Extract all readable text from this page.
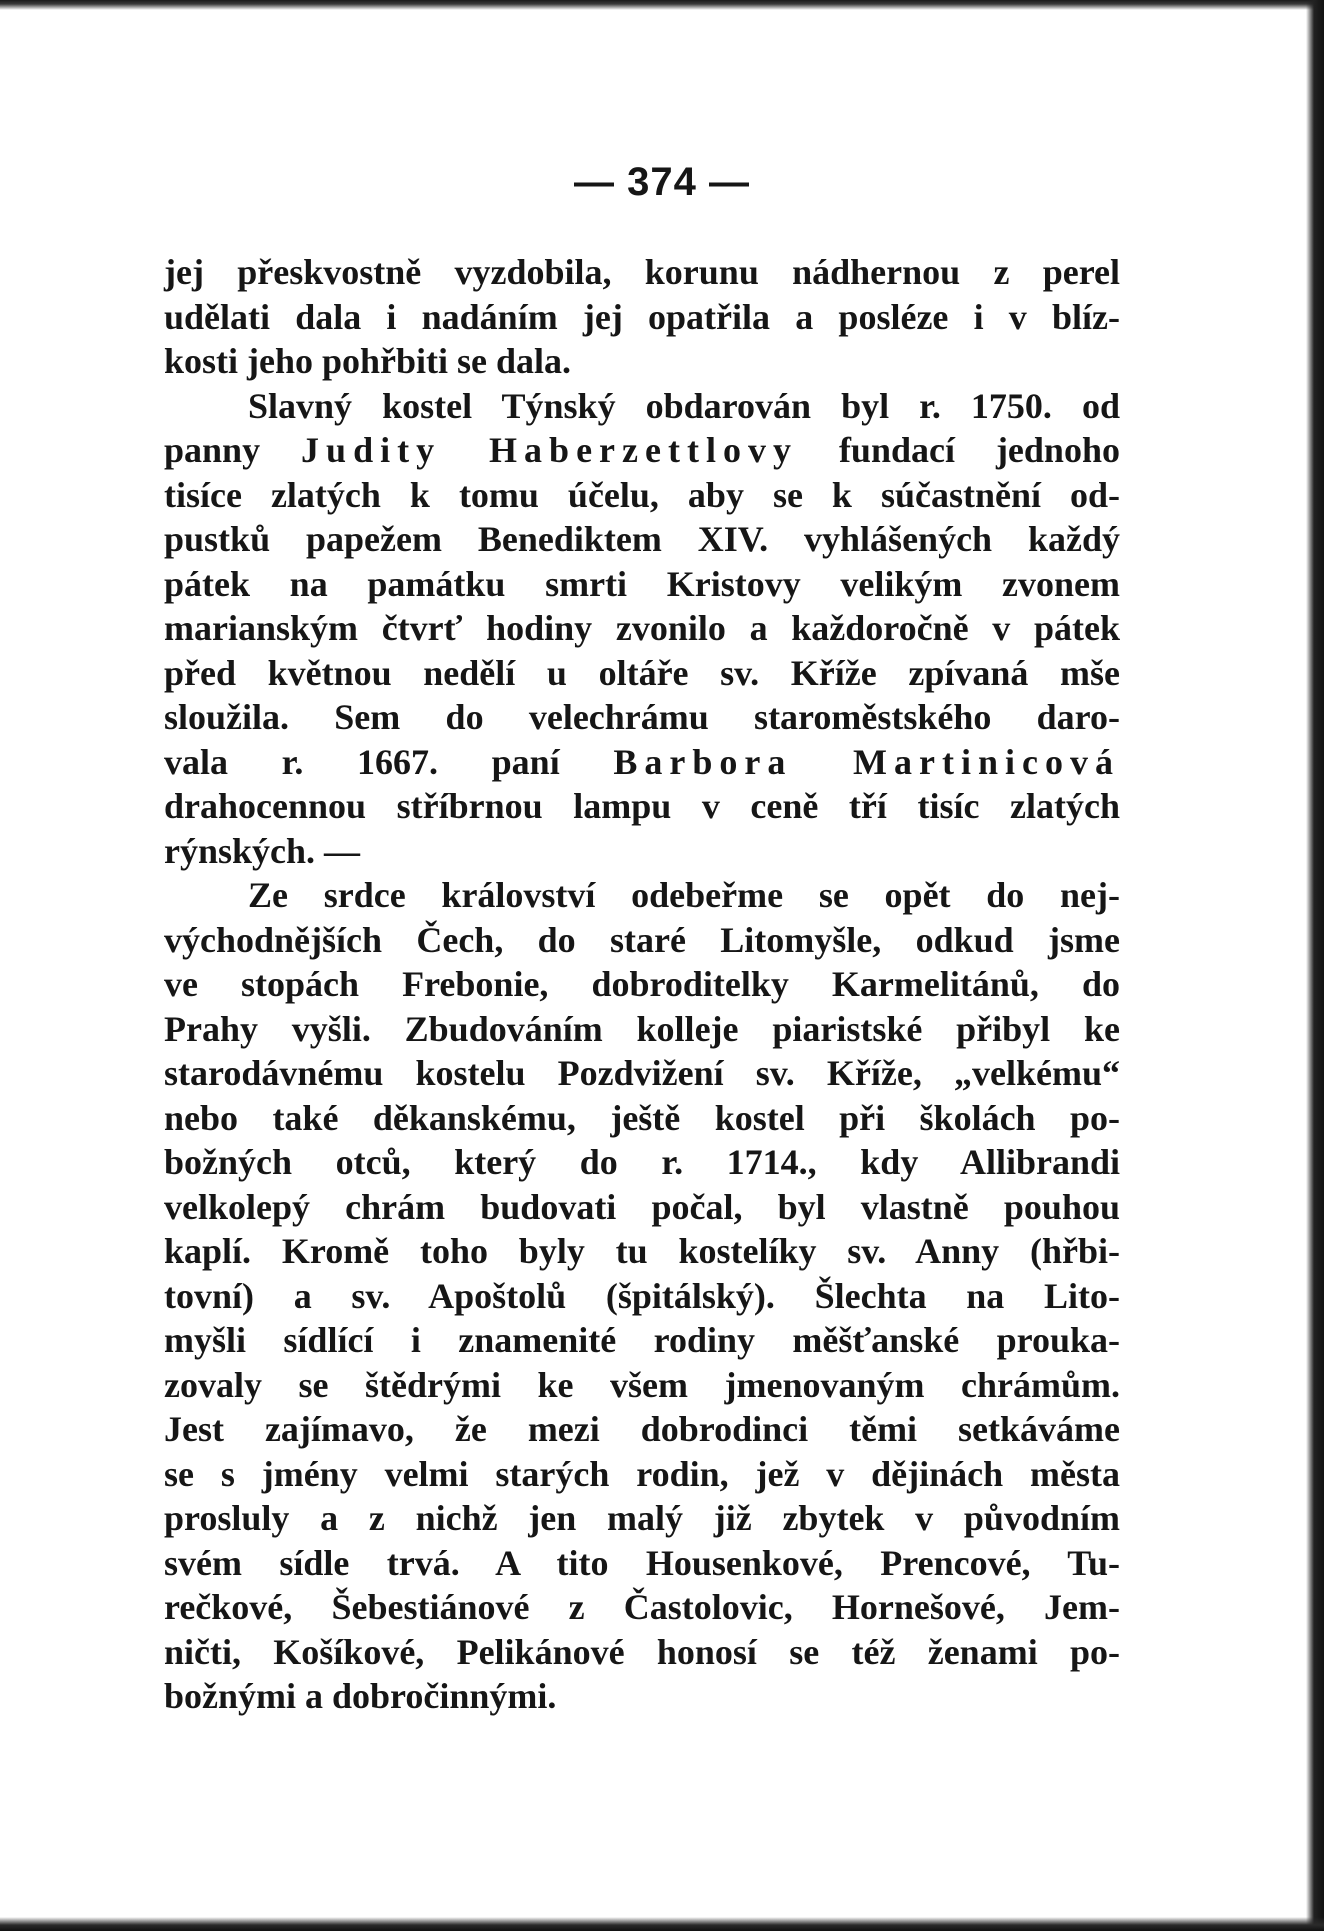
— 374 —
jej přeskvostně vyzdobila, korunu nádhernou z perel
udělati dala i nadáním jej opatřila a posléze i v blíz-
kosti jeho pohřbiti se dala.
Slavný kostel Týnský obdarován byl r. 1750. od
panny Judity Haberzettlovy fundací jednoho
tisíce zlatých k tomu účelu, aby se k súčastnění od-
pustků papežem Benediktem XIV. vyhlášených každý
pátek na památku smrti Kristovy velikým zvonem
marianským čtvrť hodiny zvonilo a každoročně v pátek
před květnou nedělí u oltáře sv. Kříže zpívaná mše
sloužila. Sem do velechrámu staroměstského daro-
vala r. 1667. paní Barbora Martinicová
drahocennou stříbrnou lampu v ceně tří tisíc zlatých
rýnských. —
Ze srdce království odebeřme se opět do nej-
východnějších Čech, do staré Litomyšle, odkud jsme
ve stopách Frebonie, dobroditelky Karmelitánů, do
Prahy vyšli. Zbudováním kolleje piaristské přibyl ke
starodávnému kostelu Pozdvižení sv. Kříže, „velkému“
nebo také děkanskému, ještě kostel při školách po-
božných otců, který do r. 1714., kdy Allibrandi
velkolepý chrám budovati počal, byl vlastně pouhou
kaplí. Kromě toho byly tu kostelíky sv. Anny (hřbi-
tovní) a sv. Apoštolů (špitálský). Šlechta na Lito-
myšli sídlící i znamenité rodiny měšťanské prouka-
zovaly se štědrými ke všem jmenovaným chrámům.
Jest zajímavo, že mezi dobrodinci těmi setkáváme
se s jmény velmi starých rodin, jež v dějinách města
prosluly a z nichž jen malý již zbytek v původním
svém sídle trvá. A tito Housenkové, Prencové, Tu-
rečkové, Šebestiánové z Častolovic, Hornešové, Jem-
ničti, Košíkové, Pelikánové honosí se též ženami po-
božnými a dobročinnými.
